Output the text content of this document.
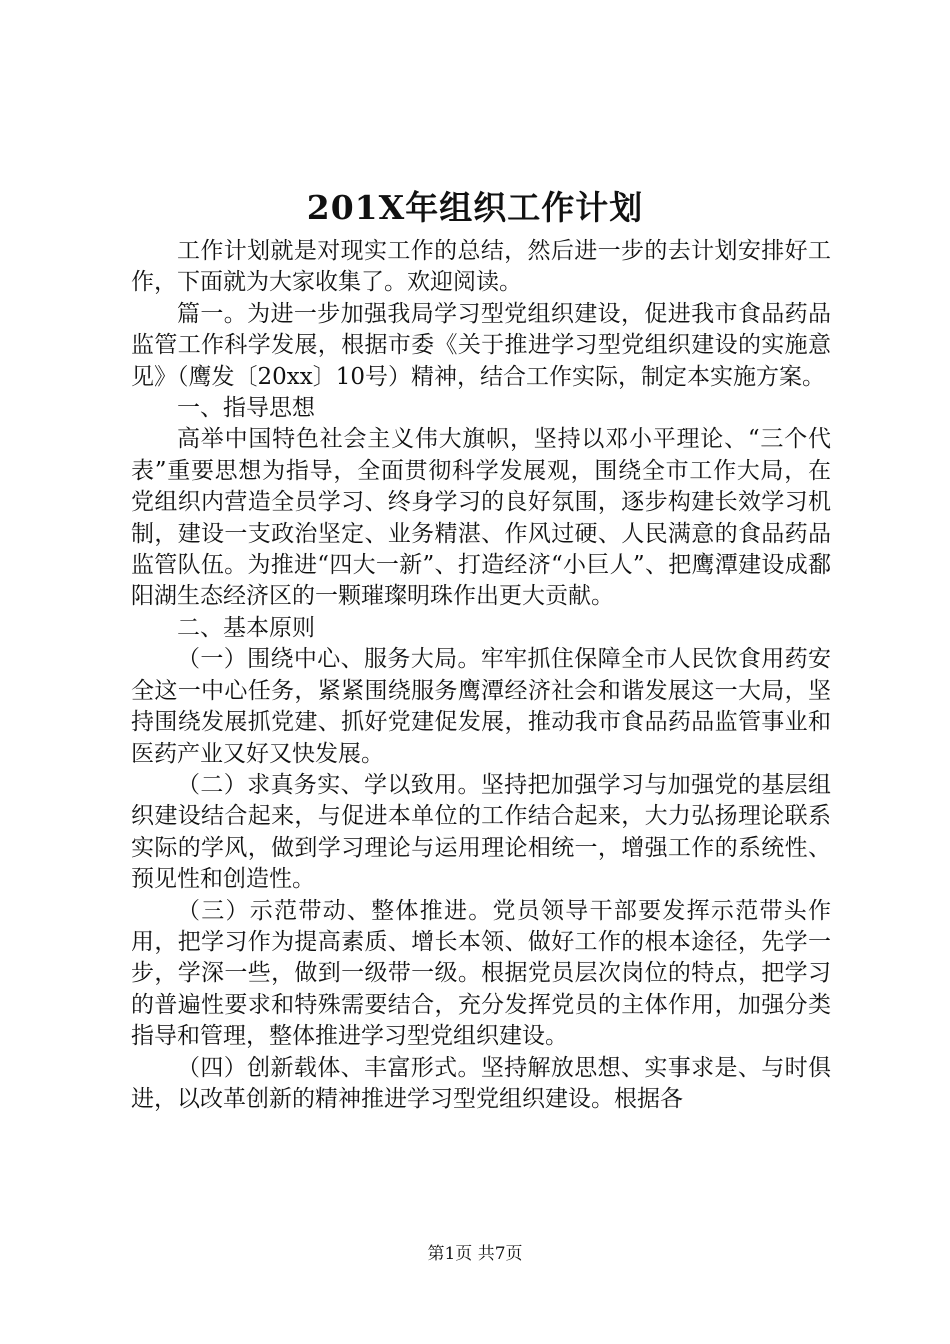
201X年组织工作计划

工作计划就是对现实工作的总结，然后进一步的去计划安排好工作，下面就为大家收集了。欢迎阅读。

篇一。为进一步加强我局学习型党组织建设，促进我市食品药品监管工作科学发展，根据市委《关于推进学习型党组织建设的实施意见》（鹰发〔20xx〕10号）精神，结合工作实际，制定本实施方案。

一、指导思想

高举中国特色社会主义伟大旗帜，坚持以邓小平理论、“三个代表”重要思想为指导，全面贯彻科学发展观，围绕全市工作大局，在党组织内营造全员学习、终身学习的良好氛围，逐步构建长效学习机制，建设一支政治坚定、业务精湛、作风过硬、人民满意的食品药品监管队伍。为推进“四大一新”、打造经济“小巨人”、把鹰潭建设成鄱阳湖生态经济区的一颗璀璨明珠作出更大贡献。

二、基本原则

（一）围绕中心、服务大局。牢牢抓住保障全市人民饮食用药安全这一中心任务，紧紧围绕服务鹰潭经济社会和谐发展这一大局，坚持围绕发展抓党建、抓好党建促发展，推动我市食品药品监管事业和医药产业又好又快发展。

（二）求真务实、学以致用。坚持把加强学习与加强党的基层组织建设结合起来，与促进本单位的工作结合起来，大力弘扬理论联系实际的学风，做到学习理论与运用理论相统一，增强工作的系统性、预见性和创造性。

（三）示范带动、整体推进。党员领导干部要发挥示范带头作用，把学习作为提高素质、增长本领、做好工作的根本途径，先学一步，学深一些，做到一级带一级。根据党员层次岗位的特点，把学习的普遍性要求和特殊需要结合，充分发挥党员的主体作用，加强分类指导和管理，整体推进学习型党组织建设。

（四）创新载体、丰富形式。坚持解放思想、实事求是、与时俱进，以改革创新的精神推进学习型党组织建设。根据各

第1页 共7页
